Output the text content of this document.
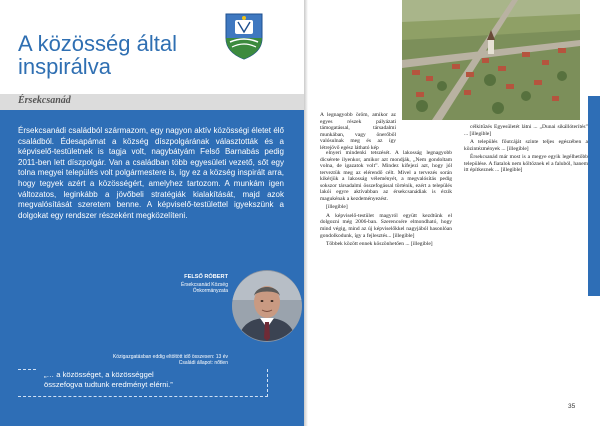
A közösség által
inspirálva
Érsekcsanád

Érsekcsanádi családból származom, egy nagyon aktív közösségi életet élő családból. Édesapámat a község díszpolgárának választották és a képviselő-testületnek is tagja volt, nagybátyám Felső Barnabás pedig 2011-ben lett díszpolgár. Van a családban több egyesületi vezető, sőt egy tolna megyei település volt polgármestere is, így ez a község inspirált arra, hogy tegyek azért a közösségért, amelyhez tartozom. A munkám igen változatos, leginkább a jövőbeli stratégiák kialakítását, majd azok megvalósítását szeretem benne. A képviselő-testülettel igyekszünk a dolgokat egy rendszer részeként megközelíteni.

FELSŐ RÓBERT
Érsekcsanád Község
Önkormányzata
Közigazgatásban eddig eltöltött idő összesen: 13 év
Családi állapot: nőtlen
„… a közösséget, a közösséggel
összefogva tudtunk eredményt elérni.”

A legnagyobb öröm, amikor az egyes részek pályázati támogatással, társadalmi munkában, vagy önerőből valósulnak meg és az így létrejövő egész látható kép

elnyeri mindenki tetszését. A lakosság legnagyobb dicsérete ilyenkor, amikor azt mondják, „Nem gondoltam volna, de igazatok volt”. Mindez kifejezi azt, hogy jól terveztük meg az elérendő célt. Mivel a tervezés során kikérjük a lakosság véleményét, a megvalósítás pedig sokszor társadalmi összefogással történik, ezért a település lakói egyre aktívabban az érsekcsanádiak is érzik magukénak a kezdeményezést.

[illegible]

A képviselő-testület magyról együtt kezdtünk el dolgozni még 2006-ban. Szerencsére elmondható, hogy mind végig, mind az új képviselőkkel nagyjából hasonlóan gondolkodunk, így a fejlesztés... [illegible]

Többek között ennek köszönhetően ... [illegible]

célkitűzés Egyesületét látni ... „Dunai sikállóterítés” ... [illegible]

A település főutcáját szinte teljes egészében a közintézmények ... [illegible]

Érsekcsanád már most is a megye egyik legélhetőbb települése. A fiatalok nem költöznek el a faluból, hanem itt építkeznek ... [illegible]

35
